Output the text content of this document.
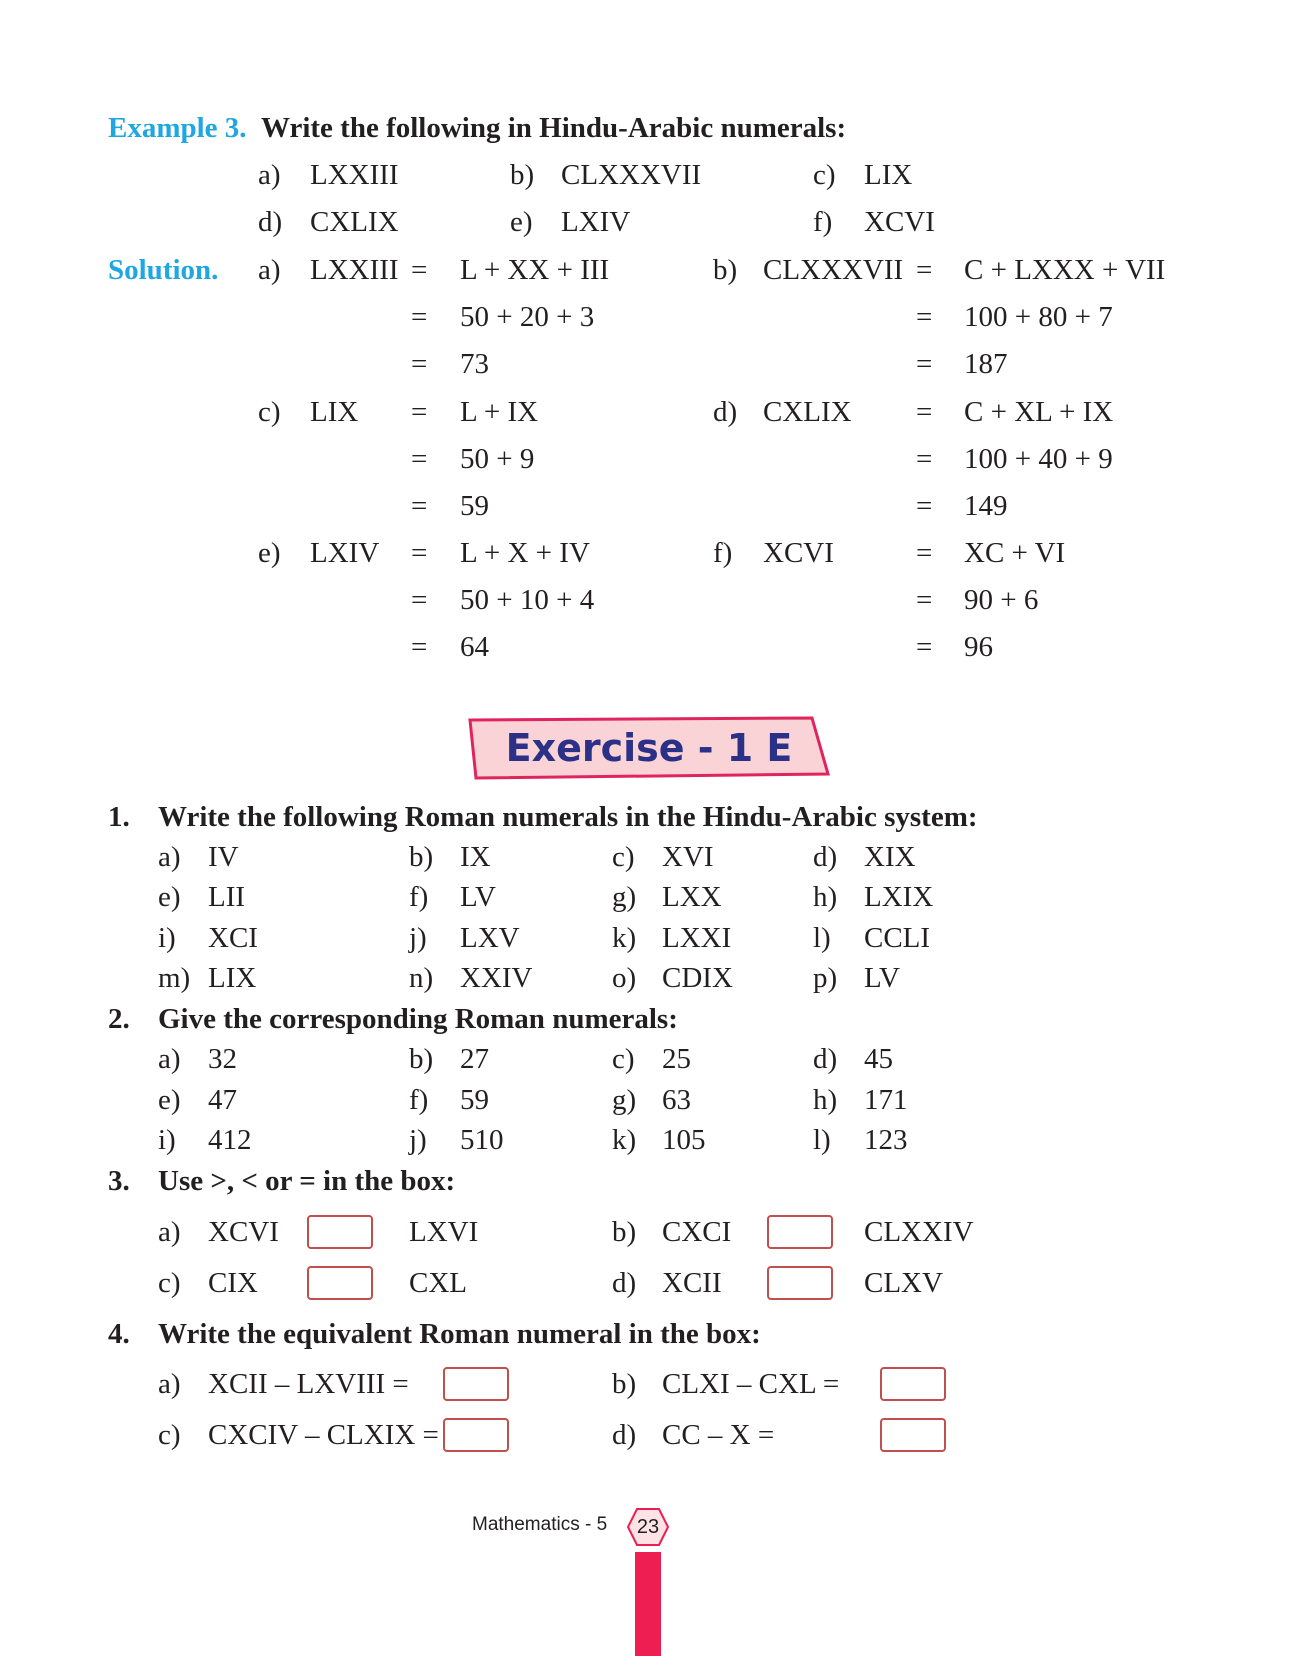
Example 3. Write the following in Hindu-Arabic numerals:
a) LXXIII	b) CLXXXVII	c) LIX
d) CXLIX	e) LXIV	f) XCVI
Solution. a) LXXIII = L + XX + III
= 50 + 20 + 3
= 73
b) CLXXXVII = C + LXXX + VII
= 100 + 80 + 7
= 187
c) LIX = L + IX
= 50 + 9
= 59
d) CXLIX = C + XL + IX
= 100 + 40 + 9
= 149
e) LXIV = L + X + IV
= 50 + 10 + 4
= 64
f) XCVI	= XC + VI
= 90 + 6
= 96
Exercise - 1 E
1. Write the following Roman numerals in the Hindu-Arabic system:
a) IV	b) IX	c) XVI	d) XIX
e) LII	f) LV	g) LXX	h) LXIX
i) XCI	j) LXV	k) LXXI	l) CCLI
m) LIX	n) XXIV	o) CDIX	p) LV
2. Give the corresponding Roman numerals:
a) 32	b) 27	c) 25	d) 45
e) 47	f) 59	g) 63	h) 171
i) 412	j) 510	k) 105	l) 123
3. Use >, < or = in the box:
a) XCVI	LXVI	b) CXCI	CLXXIV
c) CIX	CXL	d) XCII	CLXV
4. Write the equivalent Roman numeral in the box:
a) XCII – LXVIII =	b) CLXI – CXL =
c) CXCIV – CLXIX =	d) CC – X =
Mathematics - 5	23
